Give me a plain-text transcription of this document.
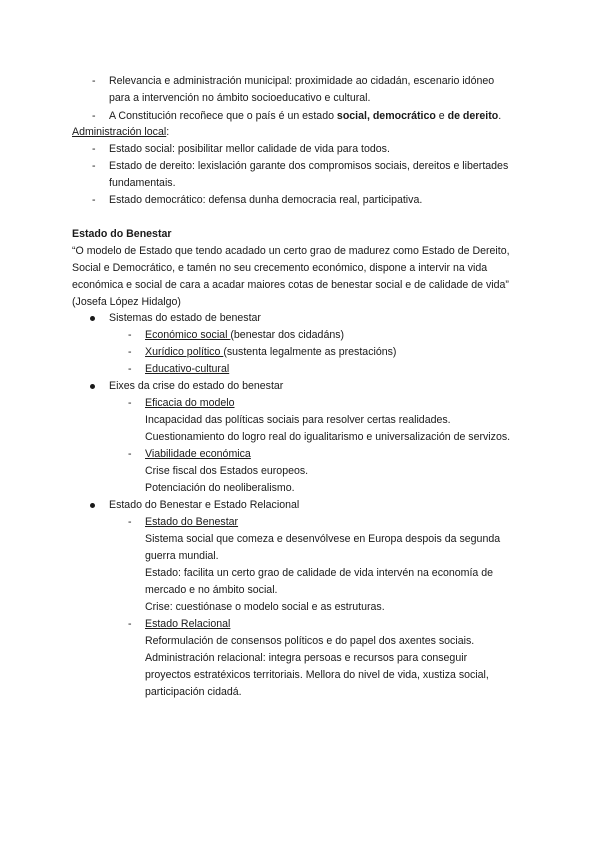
- Relevancia e administración municipal: proximidade ao cidadán, escenario idóneo
para a intervención no ámbito socioeducativo e cultural.
- A Constitución recoñece que o país é un estado social, democrático e de dereito.
Administración local:
- Estado social: posibilitar mellor calidade de vida para todos.
- Estado de dereito: lexislación garante dos compromisos sociais, dereitos e libertades
fundamentais.
- Estado democrático: defensa dunha democracia real, participativa.
Estado do Benestar
“O modelo de Estado que tendo acadado un certo grao de madurez como Estado de Dereito,
Social e Democrático, e tamén no seu crecemento económico, dispone a intervir na vida
económica e social de cara a acadar maiores cotas de benestar social e de calidade de vida”
(Josefa López Hidalgo)
Sistemas do estado de benestar
- Económico social (benestar dos cidadáns)
- Xurídico político (sustenta legalmente as prestacións)
- Educativo-cultural
Eixes da crise do estado do benestar
- Eficacia do modelo
Incapacidad das políticas sociais para resolver certas realidades.
Cuestionamiento do logro real do igualitarismo e universalización de servizos.
- Viabilidade económica
Crise fiscal dos Estados europeos.
Potenciación do neoliberalismo.
Estado do Benestar e Estado Relacional
- Estado do Benestar
Sistema social que comeza e desenvólvese en Europa despois da segunda
guerra mundial.
Estado: facilita un certo grao de calidade de vida intervén na economía de
mercado e no ámbito social.
Crise: cuestiónase o modelo social e as estruturas.
- Estado Relacional
Reformulación de consensos políticos e do papel dos axentes sociais.
Administración relacional: integra persoas e recursos para conseguir
proyectos estratéxicos territoriais. Mellora do nivel de vida, xustiza social,
participación cidadá.
